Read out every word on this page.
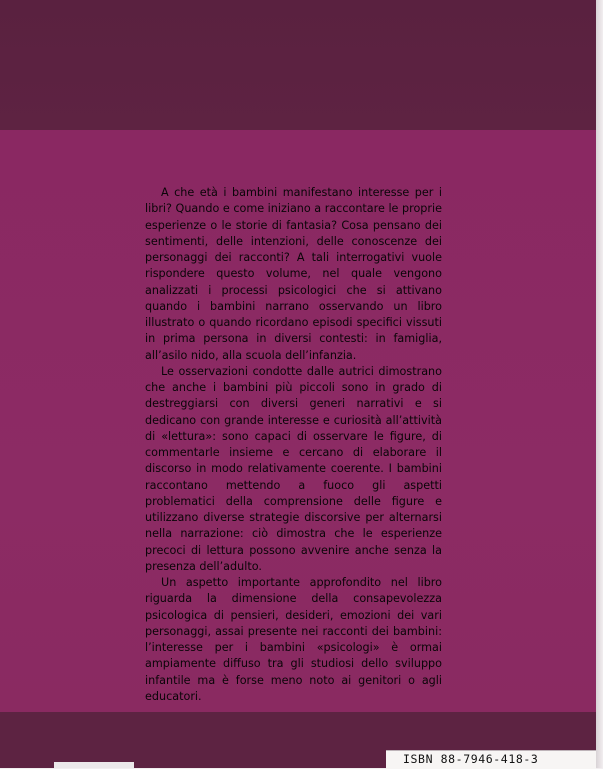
A che età i bambini manifestano interesse per i libri? Quando e come iniziano a raccontare le proprie esperienze o le storie di fantasia? Cosa pensano dei sentimenti, delle intenzioni, delle conoscenze dei personaggi dei racconti? A tali interrogativi vuole rispondere questo volume, nel quale vengono analizzati i processi psicologici che si attivano quando i bambini narrano osservando un libro illustrato o quando ricordano episodi specifici vissuti in prima persona in diversi contesti: in famiglia, all’asilo nido, alla scuola dell’infanzia.

Le osservazioni condotte dalle autrici dimostrano che anche i bambini più piccoli sono in grado di destreggiarsi con diversi generi narrativi e si dedicano con grande interesse e curiosità all’attività di «lettura»: sono capaci di osservare le figure, di commentarle insieme e cercano di elaborare il discorso in modo relativamente coerente. I bambini raccontano mettendo a fuoco gli aspetti problematici della comprensione delle figure e utilizzano diverse strategie discorsive per alternarsi nella narrazione: ciò dimostra che le esperienze precoci di lettura possono avvenire anche senza la presenza dell’adulto.

Un aspetto importante approfondito nel libro riguarda la dimensione della consapevolezza psicologica di pensieri, desideri, emozioni dei vari personaggi, assai presente nei racconti dei bambini: l’interesse per i bambini «psicologi» è ormai ampiamente diffuso tra gli studiosi dello sviluppo infantile ma è forse meno noto ai genitori o agli educatori.

ISBN 88-7946-418-3
